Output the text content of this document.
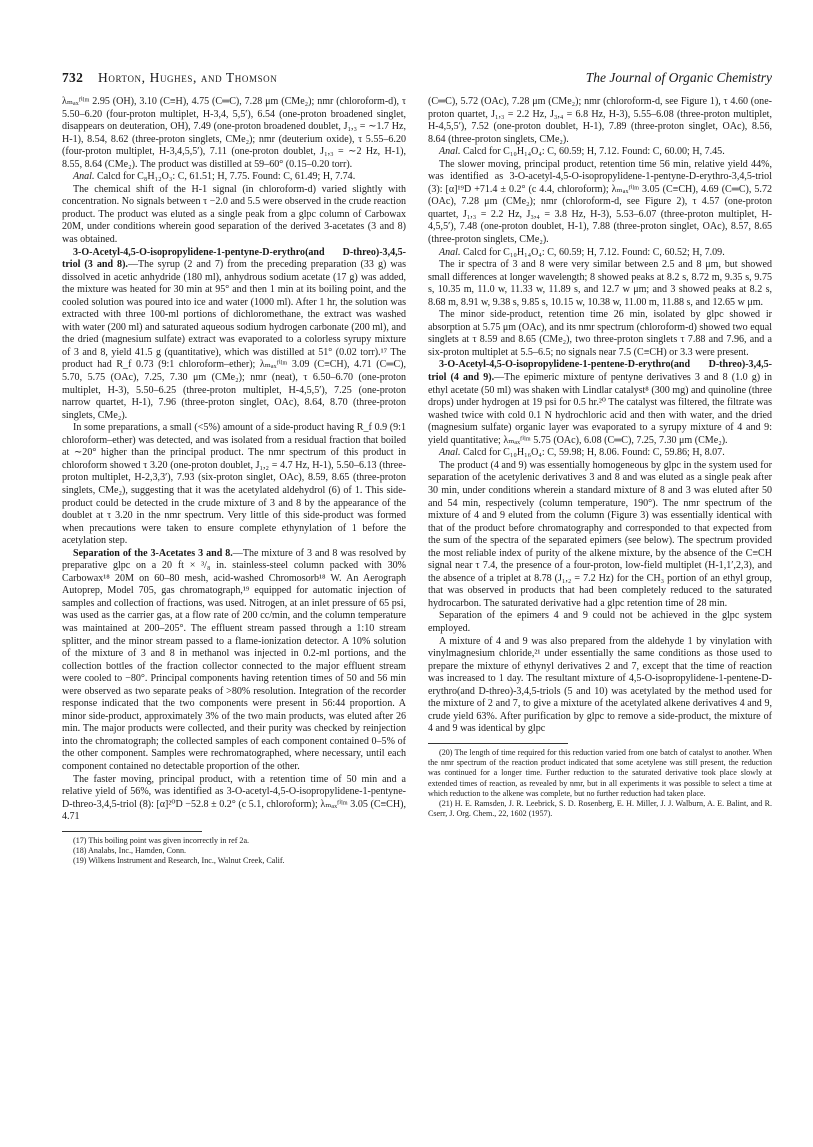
732 Horton, Hughes, and Thomson	The Journal of Organic Chemistry

λₘₐₓᶠⁱˡᵐ 2.95 (OH), 3.10 (C≡H), 4.75 (C═C), 7.28 μm (CMe₂); nmr (chloroform-d), τ 5.50–6.20 (four-proton multiplet, H-3,4, 5,5′), 6.54 (one-proton broadened singlet, disappears on deuteration, OH), 7.49 (one-proton broadened doublet, J₁,₃ = ∼1.7 Hz, H-1), 8.54, 8.62 (three-proton singlets, CMe₂); nmr (deuterium oxide), τ 5.55–6.20 (four-proton multiplet, H-3,4,5,5′), 7.11 (one-proton doublet, J₁,₃ = ∼2 Hz, H-1), 8.55, 8.64 (CMe₂). The product was distilled at 59–60° (0.15–0.20 torr).

Anal. Calcd for C₈H₁₂O₃: C, 61.51; H, 7.75. Found: C, 61.49; H, 7.74.

The chemical shift of the H-1 signal (in chloroform-d) varied slightly with concentration. No signals between τ −2.0 and 5.5 were observed in the crude reaction product. The product was eluted as a single peak from a glpc column of Carbowax 20M, under conditions wherein good separation of the derived 3-acetates (3 and 8) was obtained.

3-O-Acetyl-4,5-O-isopropylidene-1-pentyne-D-erythro(and D-threo)-3,4,5-triol (3 and 8).—The syrup (2 and 7) from the preceding preparation (33 g) was dissolved in acetic anhydride (180 ml), anhydrous sodium acetate (17 g) was added, the mixture was heated for 30 min at 95° and then 1 min at its boiling point, and the cooled solution was poured into ice and water (1000 ml). After 1 hr, the solution was extracted with three 100-ml portions of dichloromethane, the extract was washed with water (200 ml) and saturated aqueous sodium hydrogen carbonate (200 ml), and the dried (magnesium sulfate) extract was evaporated to a colorless syrupy mixture of 3 and 8, yield 41.5 g (quantitative), which was distilled at 51° (0.02 torr).¹⁷ The product had R_f 0.73 (9:1 chloroform–ether); λₘₐₓᶠⁱˡᵐ 3.09 (C≡CH), 4.71 (C═C), 5.70, 5.75 (OAc), 7.25, 7.30 μm (CMe₂); nmr (neat), τ 6.50–6.70 (one-proton multiplet, H-3), 5.50–6.25 (three-proton multiplet, H-4,5,5′), 7.25 (one-proton narrow quartet, H-1), 7.96 (three-proton singlet, OAc), 8.64, 8.70 (three-proton singlets, CMe₂).

In some preparations, a small (<5%) amount of a side-product having R_f 0.9 (9:1 chloroform–ether) was detected, and was isolated from a residual fraction that boiled at ∼20° higher than the principal product. The nmr spectrum of this product in chloroform showed τ 3.20 (one-proton doublet, J₁,₂ = 4.7 Hz, H-1), 5.50–6.13 (three-proton multiplet, H-2,3,3′), 7.93 (six-proton singlet, OAc), 8.59, 8.65 (three-proton singlets, CMe₂), suggesting that it was the acetylated aldehydrol (6) of 1. This side-product could be detected in the crude mixture of 3 and 8 by the appearance of the doublet at τ 3.20 in the nmr spectrum. Very little of this side-product was formed when precautions were taken to ensure complete ethynylation of 1 before the acetylation step.

Separation of the 3-Acetates 3 and 8.—The mixture of 3 and 8 was resolved by preparative glpc on a 20 ft × ³/₈ in. stainless-steel column packed with 30% Carbowax¹⁸ 20M on 60–80 mesh, acid-washed Chromosorb¹⁸ W. An Aerograph Autoprep, Model 705, gas chromatograph,¹⁹ equipped for automatic injection of samples and collection of fractions, was used. Nitrogen, at an inlet pressure of 65 psi, was used as the carrier gas, at a flow rate of 200 cc/min, and the column temperature was maintained at 200–205°. The effluent stream passed through a 1:10 stream splitter, and the minor stream passed to a flame-ionization detector. A 10% solution of the mixture of 3 and 8 in methanol was injected in 0.2-ml portions, and the collection bottles of the fraction collector connected to the major effluent stream were cooled to −80°. Principal components having retention times of 50 and 56 min were observed as two separate peaks of >80% resolution. Integration of the recorder response indicated that the two components were present in 56:44 proportion. A minor side-product, approximately 3% of the two main products, was eluted after 26 min. The major products were collected, and their purity was checked by reinjection into the chromatograph; the collected samples of each component contained 0–5% of the other component. Samples were rechromatographed, where necessary, until each component contained no detectable proportion of the other.

The faster moving, principal product, with a retention time of 50 min and a relative yield of 56%, was identified as 3-O-acetyl-4,5-O-isopropylidene-1-pentyne-D-threo-3,4,5-triol (8): [α]²⁰D −52.8 ± 0.2° (c 5.1, chloroform); λₘₐₓᶠⁱˡᵐ 3.05 (C≡CH), 4.71

(17) This boiling point was given incorrectly in ref 2a.

(18) Analabs, Inc., Hamden, Conn.

(19) Wilkens Instrument and Research, Inc., Walnut Creek, Calif.

(C═C), 5.72 (OAc), 7.28 μm (CMe₂); nmr (chloroform-d, see Figure 1), τ 4.60 (one-proton quartet, J₁,₃ = 2.2 Hz, J₃,₄ = 6.8 Hz, H-3), 5.55–6.08 (three-proton multiplet, H-4,5,5′), 7.52 (one-proton doublet, H-1), 7.89 (three-proton singlet, OAc), 8.56, 8.64 (three-proton singlets, CMe₂).

Anal. Calcd for C₁₀H₁₄O₄: C, 60.59; H, 7.12. Found: C, 60.00; H, 7.45.

The slower moving, principal product, retention time 56 min, relative yield 44%, was identified as 3-O-acetyl-4,5-O-isopropylidene-1-pentyne-D-erythro-3,4,5-triol (3): [α]¹⁹D +71.4 ± 0.2° (c 4.4, chloroform); λₘₐₓᶠⁱˡᵐ 3.05 (C≡CH), 4.69 (C═C), 5.72 (OAc), 7.28 μm (CMe₂); nmr (chloroform-d, see Figure 2), τ 4.57 (one-proton quartet, J₁,₃ = 2.2 Hz, J₃,₄ = 3.8 Hz, H-3), 5.53–6.07 (three-proton multiplet, H-4,5,5′), 7.48 (one-proton doublet, H-1), 7.88 (three-proton singlet, OAc), 8.57, 8.65 (three-proton singlets, CMe₂).

Anal. Calcd for C₁₀H₁₄O₄: C, 60.59; H, 7.12. Found: C, 60.52; H, 7.09.

The ir spectra of 3 and 8 were very similar between 2.5 and 8 μm, but showed small differences at longer wavelength; 8 showed peaks at 8.2 s, 8.72 m, 9.35 s, 9.75 s, 10.35 m, 11.0 w, 11.33 w, 11.89 s, and 12.7 w μm; and 3 showed peaks at 8.2 s, 8.68 m, 8.91 w, 9.38 s, 9.85 s, 10.15 w, 10.38 w, 11.00 m, 11.88 s, and 12.65 w μm.

The minor side-product, retention time 26 min, isolated by glpc showed ir absorption at 5.75 μm (OAc), and its nmr spectrum (chloroform-d) showed two equal singlets at τ 8.59 and 8.65 (CMe₂), two three-proton singlets τ 7.88 and 7.96, and a six-proton multiplet at 5.5–6.5; no signals near 7.5 (C≡CH) or 3.3 were present.

3-O-Acetyl-4,5-O-isopropylidene-1-pentene-D-erythro(and D-threo)-3,4,5-triol (4 and 9).—The epimeric mixture of pentyne derivatives 3 and 8 (1.0 g) in ethyl acetate (50 ml) was shaken with Lindlar catalyst⁸ (300 mg) and quinoline (three drops) under hydrogen at 19 psi for 0.5 hr.²⁰ The catalyst was filtered, the filtrate was washed twice with cold 0.1 N hydrochloric acid and then with water, and the dried (magnesium sulfate) organic layer was evaporated to a syrupy mixture of 4 and 9: yield quantitative; λₘₐₓᶠⁱˡᵐ 5.75 (OAc), 6.08 (C═C), 7.25, 7.30 μm (CMe₂).

Anal. Calcd for C₁₀H₁₆O₄: C, 59.98; H, 8.06. Found: C, 59.86; H, 8.07.

The product (4 and 9) was essentially homogeneous by glpc in the system used for separation of the acetylenic derivatives 3 and 8 and was eluted as a single peak after 30 min, under conditions wherein a standard mixture of 8 and 3 was eluted after 50 and 54 min, respectively (column temperature, 190°). The nmr spectrum of the mixture of 4 and 9 eluted from the column (Figure 3) was essentially identical with that of the product before chromatography and corresponded to that expected from the sum of the spectra of the separated epimers (see below). The spectrum provided the most reliable index of purity of the alkene mixture, by the absence of the C≡CH signal near τ 7.4, the presence of a four-proton, low-field multiplet (H-1,1′,2,3), and the absence of a triplet at 8.78 (J₁,₂ = 7.2 Hz) for the CH₃ portion of an ethyl group, that was observed in products that had been completely reduced to the saturated hydrocarbon. The saturated derivative had a glpc retention time of 28 min.

Separation of the epimers 4 and 9 could not be achieved in the glpc system employed.

A mixture of 4 and 9 was also prepared from the aldehyde 1 by vinylation with vinylmagnesium chloride,²¹ under essentially the same conditions as those used to prepare the mixture of ethynyl derivatives 2 and 7, except that the time of reaction was increased to 1 day. The resultant mixture of 4,5-O-isopropylidene-1-pentene-D-erythro(and D-threo)-3,4,5-triols (5 and 10) was acetylated by the method used for the mixture of 2 and 7, to give a mixture of the acetylated alkene derivatives 4 and 9, crude yield 63%. After purification by glpc to remove a side-product, the mixture of 4 and 9 was identical by glpc

(20) The length of time required for this reduction varied from one batch of catalyst to another. When the nmr spectrum of the reaction product indicated that some acetylene was still present, the reduction was continued for a longer time. Further reduction to the saturated derivative took place slowly at extended times of reaction, as revealed by nmr, but in all experiments it was possible to select a time at which reduction to the alkene was complete, but no further reduction had taken place.

(21) H. E. Ramsden, J. R. Leebrick, S. D. Rosenberg, E. H. Miller, J. J. Walburn, A. E. Balint, and R. Cserr, J. Org. Chem., 22, 1602 (1957).
